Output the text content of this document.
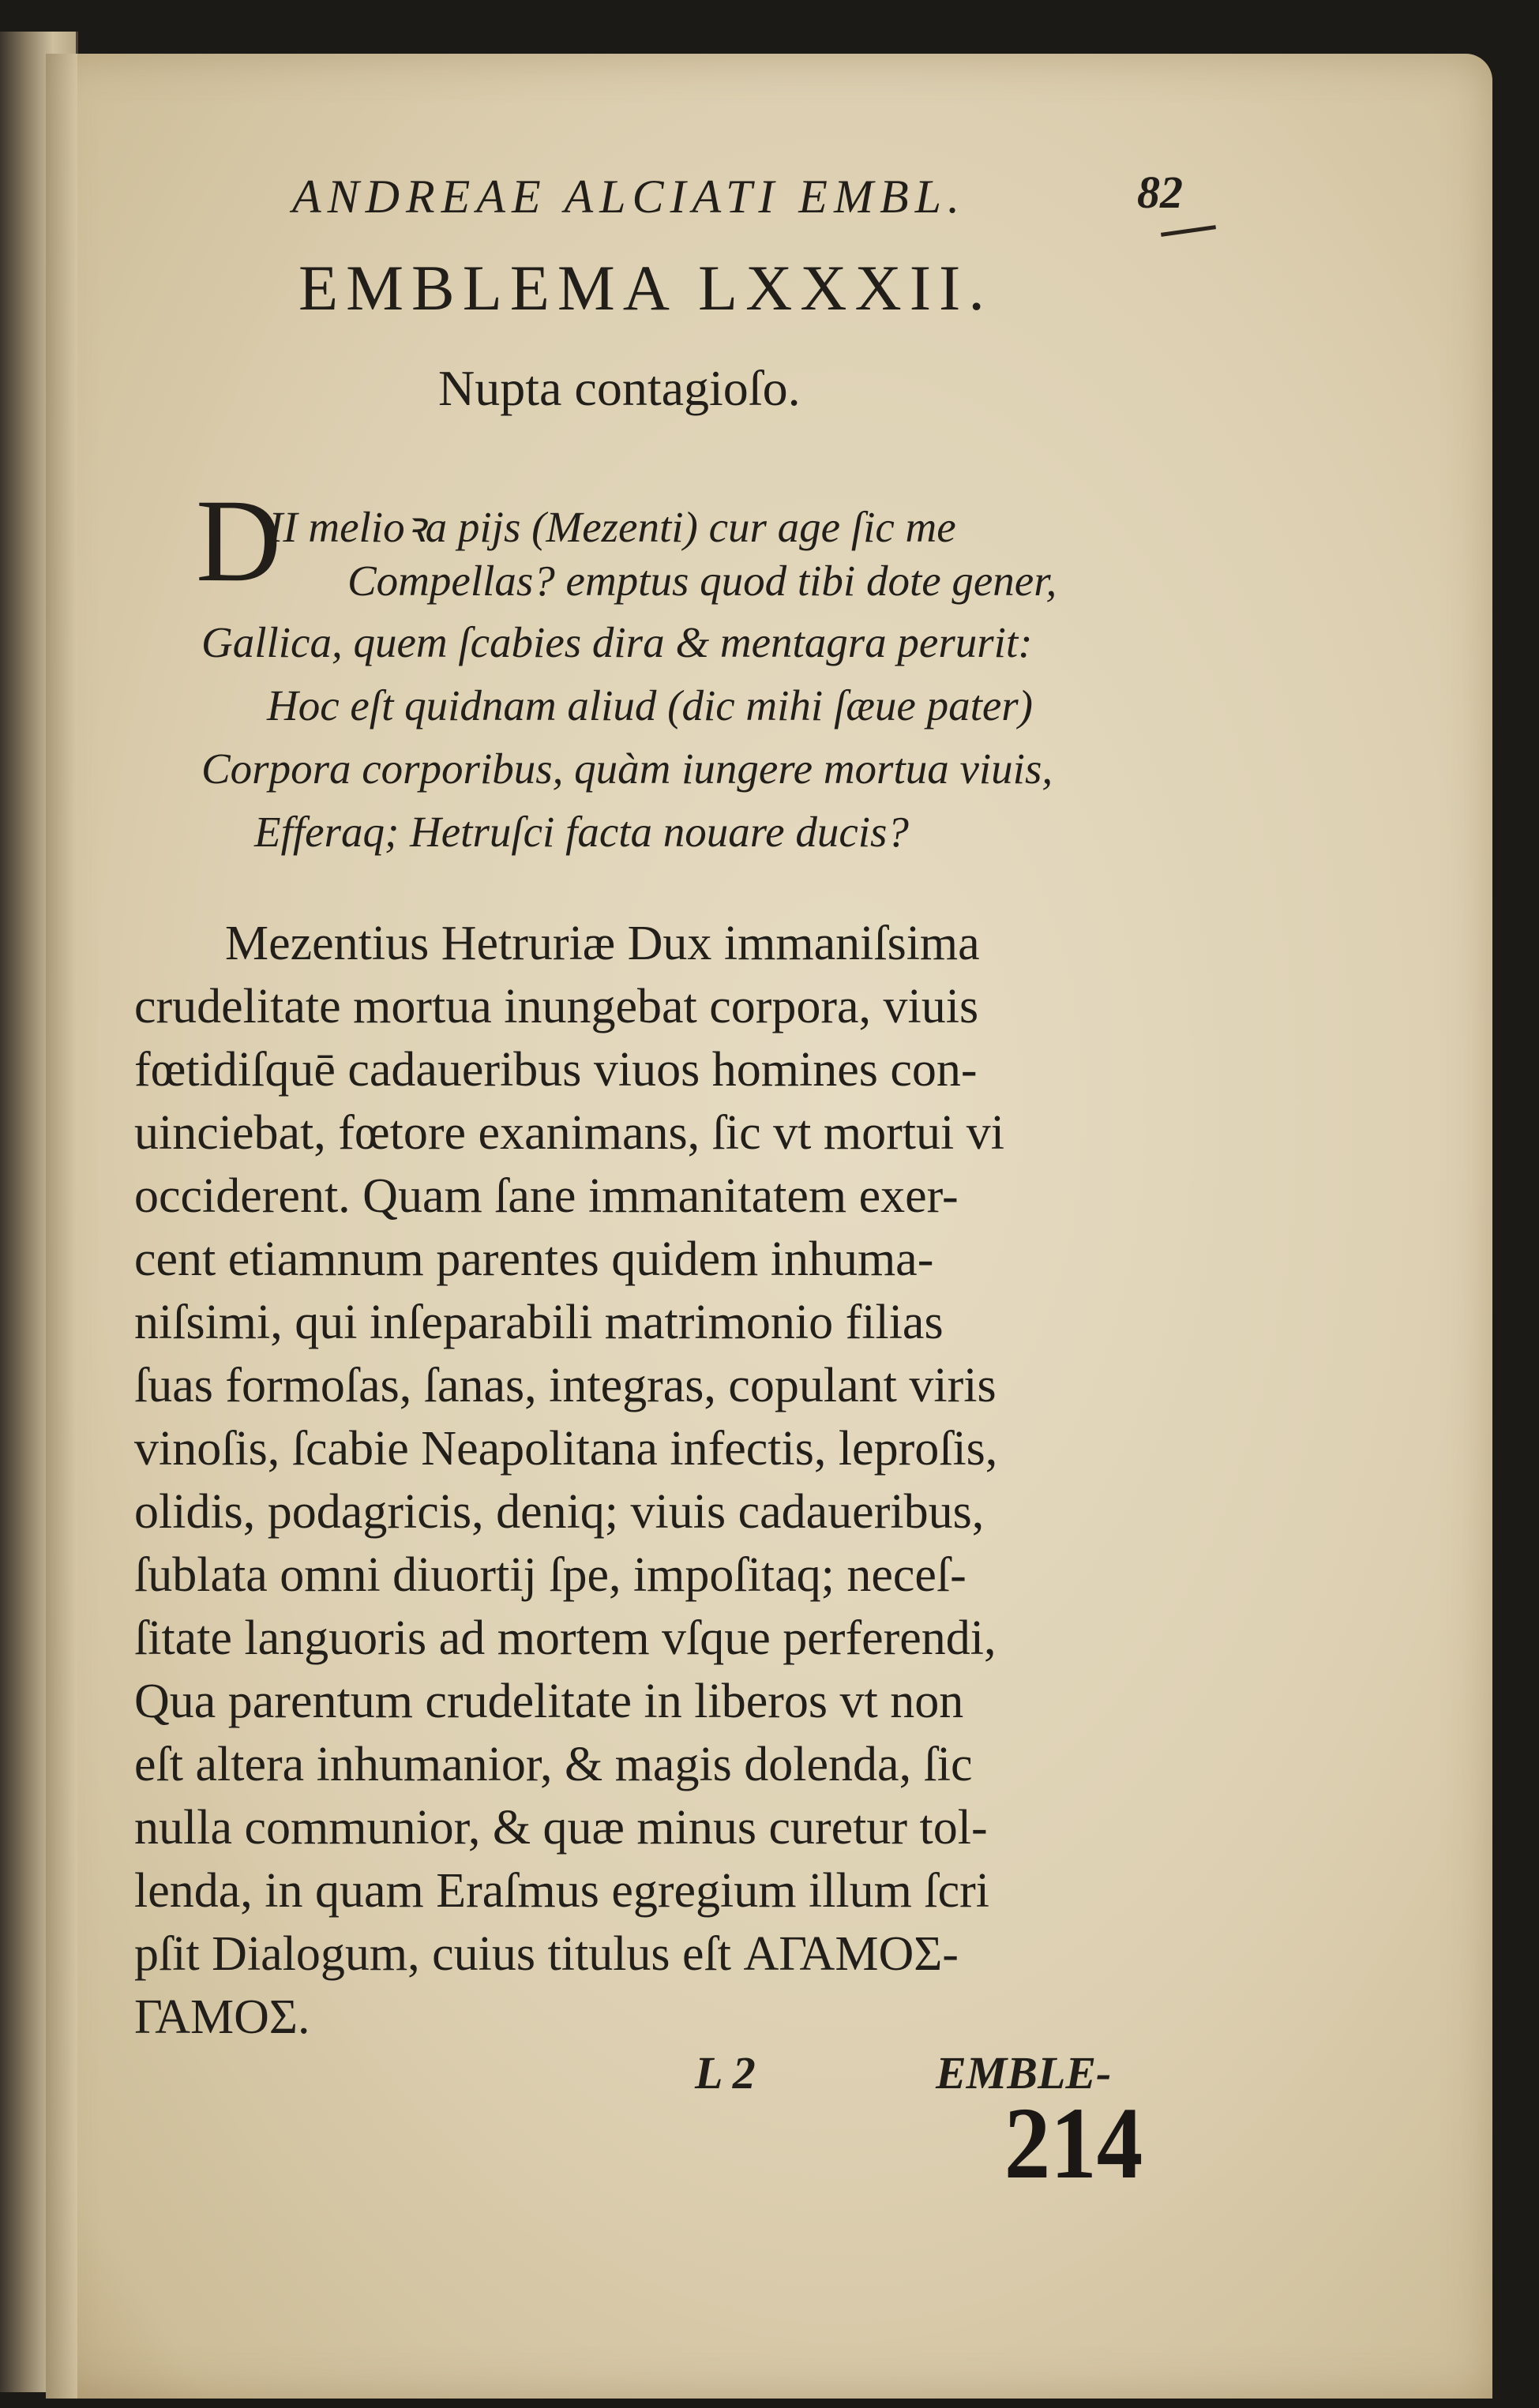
ANDREAE ALCIATI EMBL.	82
EMBLEMA LXXXII.
Nupta contagioſo.
D
II melioꝛa pijs (Mezenti) cur age ſic me
Compellas? emptus quod tibi dote gener,
Gallica, quem ſcabies dira & mentagra perurit:
Hoc eſt quidnam aliud (dic mihi ſæue pater)
Corpora corporibus, quàm iungere mortua viuis,
Efferaq; Hetruſci facta nouare ducis?
Mezentius Hetruriæ Dux immaniſsima
crudelitate mortua inungebat corpora, viuis
fœtidiſquē cadaueribus viuos homines con-
uinciebat, fœtore exanimans, ſic vt mortui vi
occiderent. Quam ſane immanitatem exer-
cent etiamnum parentes quidem inhuma-
niſsimi, qui inſeparabili matrimonio filias
ſuas formoſas, ſanas, integras, copulant viris
vinoſis, ſcabie Neapolitana infectis, leproſis,
olidis, podagricis, deniq; viuis cadaueribus,
ſublata omni diuortij ſpe, impoſitaq; neceſ-
ſitate languoris ad mortem vſque perferendi,
Qua parentum crudelitate in liberos vt non
eſt altera inhumanior, & magis dolenda, ſic
nulla communior, & quæ minus curetur tol-
lenda, in quam Eraſmus egregium illum ſcri
pſit Dialogum, cuius titulus eſt ΑΓΑΜΟΣ-
ΓΑΜΟΣ.
L 2	EMBLE-
214
